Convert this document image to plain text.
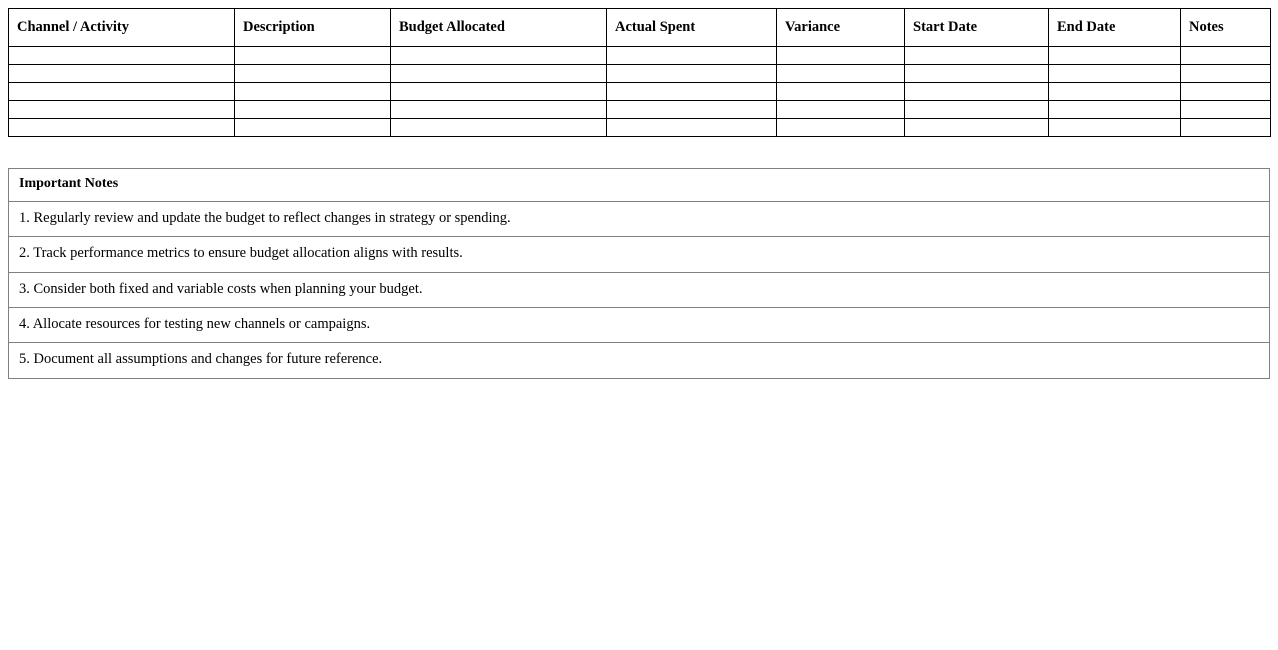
Channel / Activity	Description	Budget Allocated	Actual Spent	Variance	Start Date	End Date	Notes

Important Notes
1. Regularly review and update the budget to reflect changes in strategy or spending.
2. Track performance metrics to ensure budget allocation aligns with results.
3. Consider both fixed and variable costs when planning your budget.
4. Allocate resources for testing new channels or campaigns.
5. Document all assumptions and changes for future reference.
